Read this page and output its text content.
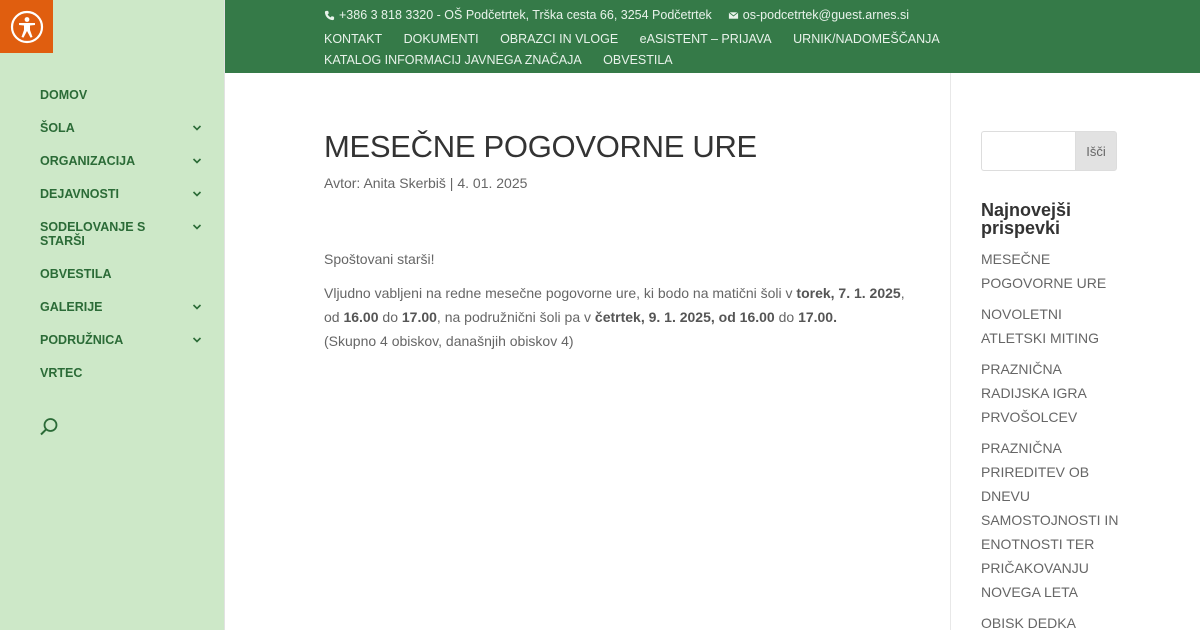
DOMOV
ŠOLA
ORGANIZACIJA
DEJAVNOSTI
SODELOVANJE S STARŠI
OBVESTILA
GALERIJE
PODRUŽNICA
VRTEC
+386 3 818 3320 - OŠ Podčetrtek, Trška cesta 66, 3254 Podčetrtek os-podcetrtek@guest.arnes.si
KONTAKT DOKUMENTI OBRAZCI IN VLOGE eASISTENT – PRIJAVA URNIK/NADOMEŠČANJA KATALOG INFORMACIJ JAVNEGA ZNAČAJA OBVESTILA
MESEČNE POGOVORNE URE
Avtor: Anita Skerbiš | 4. 01. 2025

Spoštovani starši!

Vljudno vabljeni na redne mesečne pogovorne ure, ki bodo na matični šoli v torek, 7. 1. 2025, od 16.00 do 17.00, na podružnični šoli pa v četrtek, 9. 1. 2025, od 16.00 do 17.00.
(Skupno 4 obiskov, današnjih obiskov 4)

Išči
Najnovejši prispevki
MESEČNE POGOVORNE URE
NOVOLETNI ATLETSKI MITING
PRAZNIČNA RADIJSKA IGRA PRVOŠOLCEV
PRAZNIČNA PRIREDITEV OB DNEVU SAMOSTOJNOSTI IN ENOTNOSTI TER PRIČAKOVANJU NOVEGA LETA
OBISK DEDKA
